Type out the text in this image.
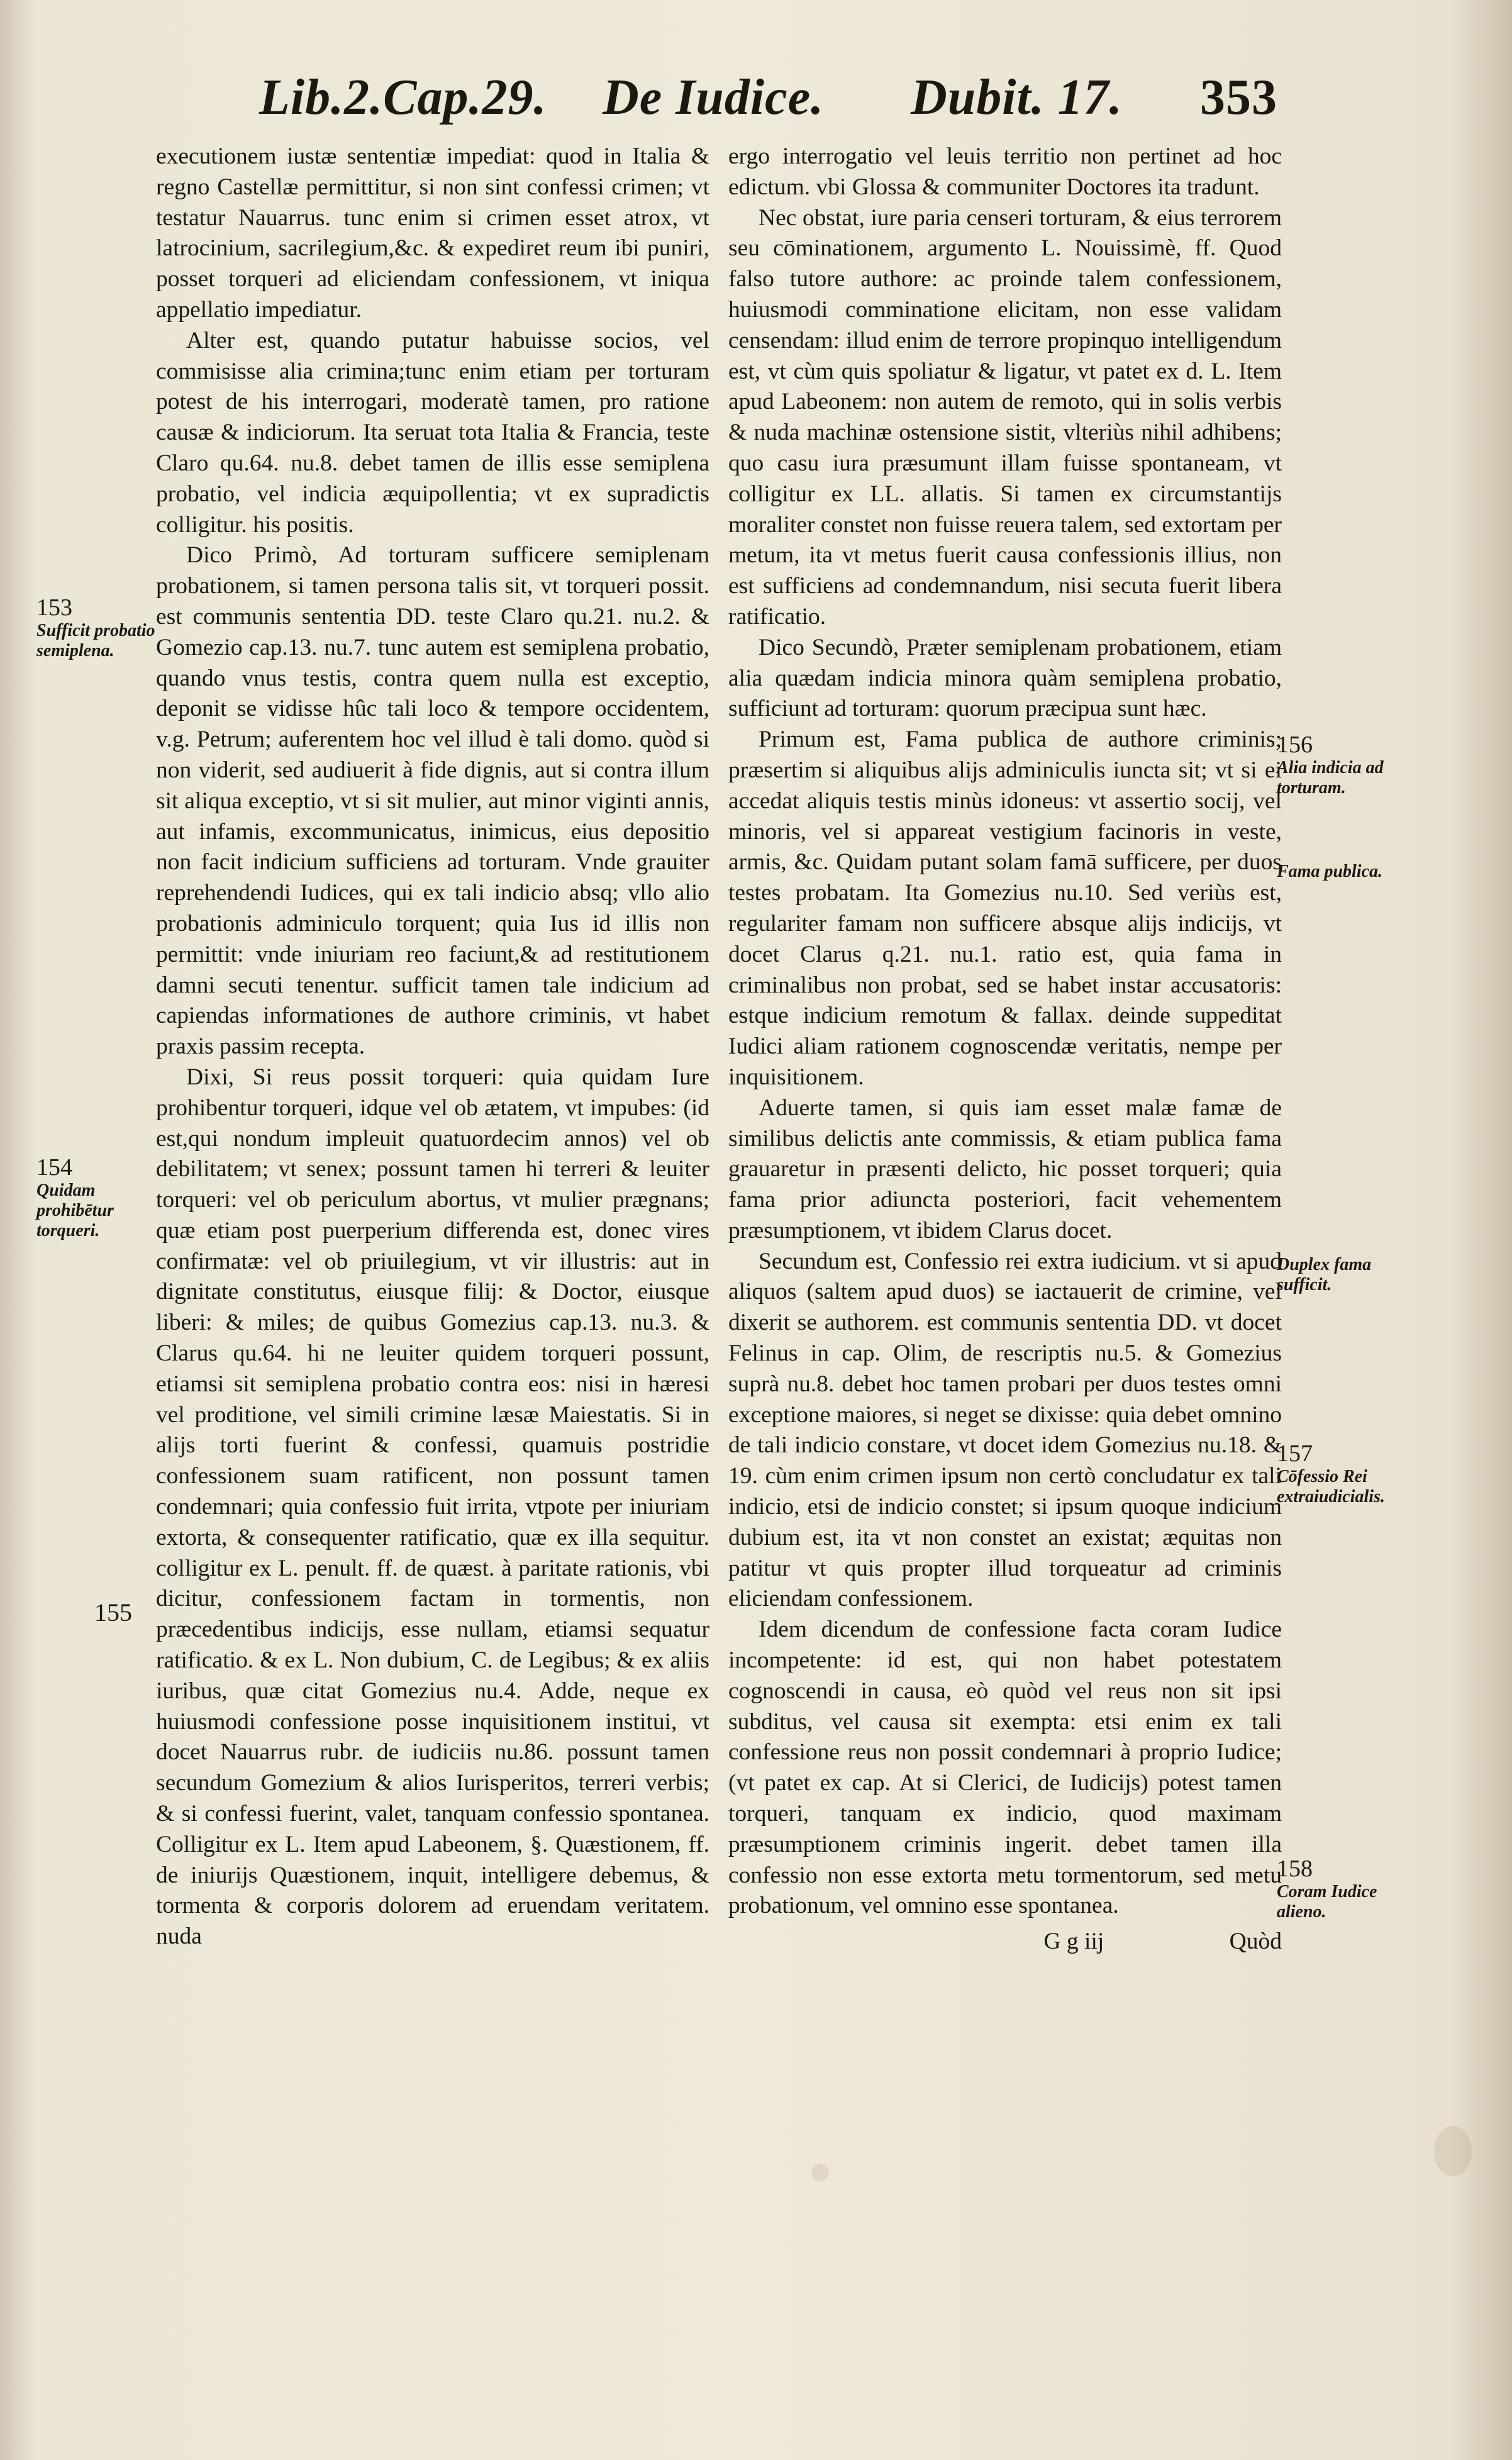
Lib.2.Cap.29. De Iudice. Dubit. 17. 353
153
Sufficit probatio semiplena.
154
Quidam prohibētur torqueri.
155
156
Alia indicia ad torturam.
Fama publica.
Duplex fama sufficit.
157
Cōfessio Rei extraiudicialis.
158
Coram Iudice alieno.

executionem iustæ sententiæ impediat: quod in Italia & regno Castellæ permittitur, si non sint confessi crimen; vt testatur Nauarrus. tunc enim si crimen esset atrox, vt latrocinium, sacrilegium,&c. & expediret reum ibi puniri, posset torqueri ad eliciendam confessionem, vt iniqua appellatio impediatur.

Alter est, quando putatur habuisse socios, vel commisisse alia crimina;tunc enim etiam per torturam potest de his interrogari, moderatè tamen, pro ratione causæ & indiciorum. Ita seruat tota Italia & Francia, teste Claro qu.64. nu.8. debet tamen de illis esse semiplena probatio, vel indicia æquipollentia; vt ex supradictis colligitur. his positis.

Dico Primò, Ad torturam sufficere semiplenam probationem, si tamen persona talis sit, vt torqueri possit. est communis sententia DD. teste Claro qu.21. nu.2. & Gomezio cap.13. nu.7. tunc autem est semiplena probatio, quando vnus testis, contra quem nulla est exceptio, deponit se vidisse hûc tali loco & tempore occidentem, v.g. Petrum; auferentem hoc vel illud è tali domo. quòd si non viderit, sed audiuerit à fide dignis, aut si contra illum sit aliqua exceptio, vt si sit mulier, aut minor viginti annis, aut infamis, excommunicatus, inimicus, eius depositio non facit indicium sufficiens ad torturam. Vnde grauiter reprehendendi Iudices, qui ex tali indicio absq; vllo alio probationis adminiculo torquent; quia Ius id illis non permittit: vnde iniuriam reo faciunt,& ad restitutionem damni secuti tenentur. sufficit tamen tale indicium ad capiendas informationes de authore criminis, vt habet praxis passim recepta.

Dixi, Si reus possit torqueri: quia quidam Iure prohibentur torqueri, idque vel ob ætatem, vt impubes: (id est,qui nondum impleuit quatuordecim annos) vel ob debilitatem; vt senex; possunt tamen hi terreri & leuiter torqueri: vel ob periculum abortus, vt mulier prægnans; quæ etiam post puerperium differenda est, donec vires confirmatæ: vel ob priuilegium, vt vir illustris: aut in dignitate constitutus, eiusque filij: & Doctor, eiusque liberi: & miles; de quibus Gomezius cap.13. nu.3. & Clarus qu.64. hi ne leuiter quidem torqueri possunt, etiamsi sit semiplena probatio contra eos: nisi in hæresi vel proditione, vel simili crimine læsæ Maiestatis. Si in alijs torti fuerint & confessi, quamuis postridie confessionem suam ratificent, non possunt tamen condemnari; quia confessio fuit irrita, vtpote per iniuriam extorta, & consequenter ratificatio, quæ ex illa sequitur. colligitur ex L. penult. ff. de quæst. à paritate rationis, vbi dicitur, confessionem factam in tormentis, non præcedentibus indicijs, esse nullam, etiamsi sequatur ratificatio. & ex L. Non dubium, C. de Legibus; & ex aliis iuribus, quæ citat Gomezius nu.4. Adde, neque ex huiusmodi confessione posse inquisitionem institui, vt docet Nauarrus rubr. de iudiciis nu.86. possunt tamen secundum Gomezium & alios Iurisperitos, terreri verbis; & si confessi fuerint, valet, tanquam confessio spontanea. Colligitur ex L. Item apud Labeonem, §. Quæstionem, ff. de iniurijs Quæstionem, inquit, intelligere debemus, & tormenta & corporis dolorem ad eruendam veritatem. nuda

ergo interrogatio vel leuis territio non pertinet ad hoc edictum. vbi Glossa & communiter Doctores ita tradunt.

Nec obstat, iure paria censeri torturam, & eius terrorem seu cōminationem, argumento L. Nouissimè, ff. Quod falso tutore authore: ac proinde talem confessionem, huiusmodi comminatione elicitam, non esse validam censendam: illud enim de terrore propinquo intelligendum est, vt cùm quis spoliatur & ligatur, vt patet ex d. L. Item apud Labeonem: non autem de remoto, qui in solis verbis & nuda machinæ ostensione sistit, vlteriùs nihil adhibens; quo casu iura præsumunt illam fuisse spontaneam, vt colligitur ex LL. allatis. Si tamen ex circumstantijs moraliter constet non fuisse reuera talem, sed extortam per metum, ita vt metus fuerit causa confessionis illius, non est sufficiens ad condemnandum, nisi secuta fuerit libera ratificatio.

Dico Secundò, Præter semiplenam probationem, etiam alia quædam indicia minora quàm semiplena probatio, sufficiunt ad torturam: quorum præcipua sunt hæc.

Primum est, Fama publica de authore criminis; præsertim si aliquibus alijs adminiculis iuncta sit; vt si ei accedat aliquis testis minùs idoneus: vt assertio socij, vel minoris, vel si appareat vestigium facinoris in veste, armis, &c. Quidam putant solam famā sufficere, per duos testes probatam. Ita Gomezius nu.10. Sed veriùs est, regulariter famam non sufficere absque alijs indicijs, vt docet Clarus q.21. nu.1. ratio est, quia fama in criminalibus non probat, sed se habet instar accusatoris: estque indicium remotum & fallax. deinde suppeditat Iudici aliam rationem cognoscendæ veritatis, nempe per inquisitionem.

Aduerte tamen, si quis iam esset malæ famæ de similibus delictis ante commissis, & etiam publica fama grauaretur in præsenti delicto, hic posset torqueri; quia fama prior adiuncta posteriori, facit vehementem præsumptionem, vt ibidem Clarus docet.

Secundum est, Confessio rei extra iudicium. vt si apud aliquos (saltem apud duos) se iactauerit de crimine, vel dixerit se authorem. est communis sententia DD. vt docet Felinus in cap. Olim, de rescriptis nu.5. & Gomezius suprà nu.8. debet hoc tamen probari per duos testes omni exceptione maiores, si neget se dixisse: quia debet omnino de tali indicio constare, vt docet idem Gomezius nu.18. & 19. cùm enim crimen ipsum non certò concludatur ex tali indicio, etsi de indicio constet; si ipsum quoque indicium dubium est, ita vt non constet an existat; æquitas non patitur vt quis propter illud torqueatur ad criminis eliciendam confessionem.

Idem dicendum de confessione facta coram Iudice incompetente: id est, qui non habet potestatem cognoscendi in causa, eò quòd vel reus non sit ipsi subditus, vel causa sit exempta: etsi enim ex tali confessione reus non possit condemnari à proprio Iudice; (vt patet ex cap. At si Clerici, de Iudicijs) potest tamen torqueri, tanquam ex indicio, quod maximam præsumptionem criminis ingerit. debet tamen illa confessio non esse extorta metu tormentorum, sed metu probationum, vel omnino esse spontanea.

G g iij	Quòd
